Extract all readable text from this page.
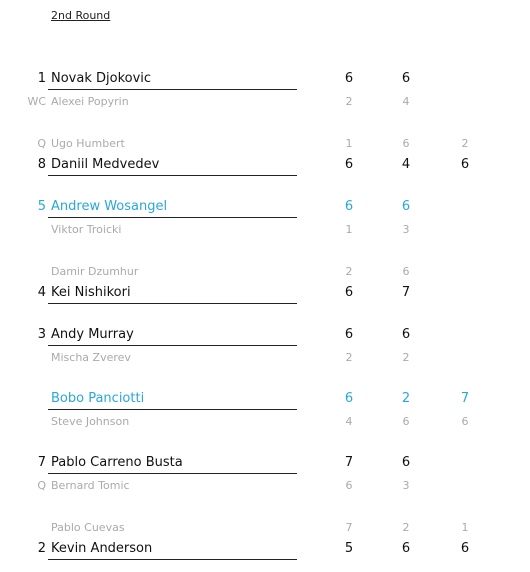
2nd Round
1 Novak Djokovic	6	6
WC Alexei Popyrin	2	4
Q Ugo Humbert	1	6	2
8 Daniil Medvedev	6	4	6
5 Andrew Wosangel	6	6
Viktor Troicki	1	3
Damir Dzumhur	2	6
4 Kei Nishikori	6	7
3 Andy Murray	6	6
Mischa Zverev	2	2
Bobo Panciotti	6	2	7
Steve Johnson	4	6	6
7 Pablo Carreno Busta	7	6
Q Bernard Tomic	6	3
Pablo Cuevas	7	2	1
2 Kevin Anderson	5	6	6
